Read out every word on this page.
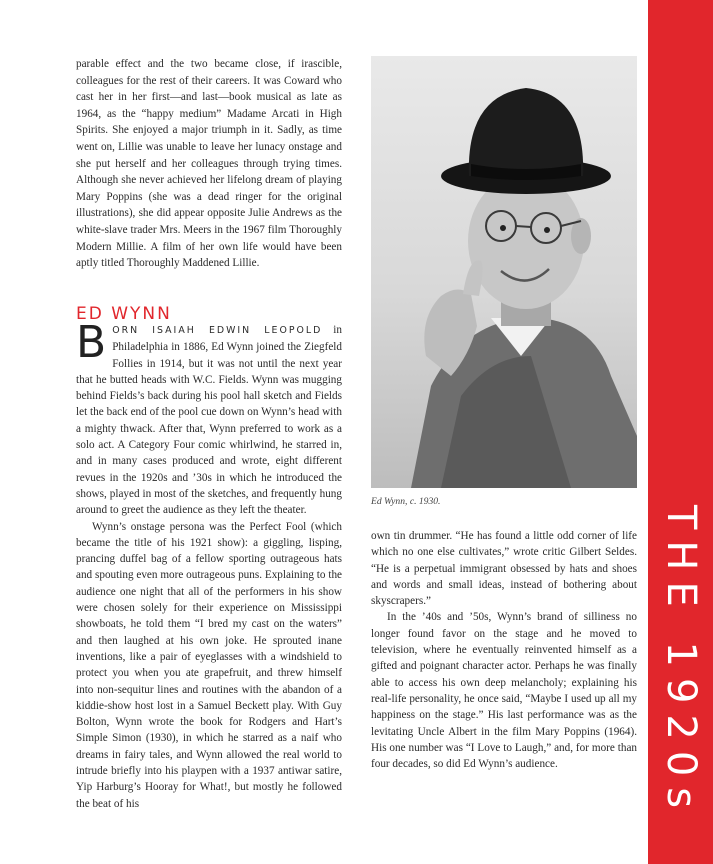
parable effect and the two became close, if irascible, colleagues for the rest of their careers. It was Coward who cast her in her first—and last—book musical as late as 1964, as the “happy medium” Madame Arcati in High Spirits. She enjoyed a major triumph in it. Sadly, as time went on, Lillie was unable to leave her lunacy onstage and she put herself and her colleagues through trying times. Although she never achieved her lifelong dream of playing Mary Poppins (she was a dead ringer for the original illustrations), she did appear opposite Julie Andrews as the white-slave trader Mrs. Meers in the 1967 film Thoroughly Modern Millie. A film of her own life would have been aptly titled Thoroughly Maddened Lillie.

ED WYNN

BORN ISAIAH EDWIN LEOPOLD in Philadelphia in 1886, Ed Wynn joined the Ziegfeld Follies in 1914, but it was not until the next year that he butted heads with W.C. Fields. Wynn was mugging behind Fields’s back during his pool hall sketch and Fields let the back end of the pool cue down on Wynn’s head with a mighty thwack. After that, Wynn preferred to work as a solo act. A Category Four comic whirlwind, he starred in, and in many cases produced and wrote, eight different revues in the 1920s and ’30s in which he introduced the shows, played in most of the sketches, and frequently hung around to greet the audience as they left the theater.

Wynn’s onstage persona was the Perfect Fool (which became the title of his 1921 show): a giggling, lisping, prancing duffel bag of a fellow sporting outrageous hats and spouting even more outrageous puns. Explaining to the audience one night that all of the performers in his show were chosen solely for their experience on Mississippi showboats, he told them “I bred my cast on the waters” and then laughed at his own joke. He sprouted inane inventions, like a pair of eyeglasses with a windshield to protect you when you ate grapefruit, and threw himself into non-sequitur lines and routines with the abandon of a kiddie-show host lost in a Samuel Beckett play. With Guy Bolton, Wynn wrote the book for Rodgers and Hart’s Simple Simon (1930), in which he starred as a naif who dreams in fairy tales, and Wynn allowed the real world to intrude briefly into his playpen with a 1937 antiwar satire, Yip Harburg’s Hooray for What!, but mostly he followed the beat of his

Ed Wynn, c. 1930.

own tin drummer. “He has found a little odd corner of life which no one else cultivates,” wrote critic Gilbert Seldes. “He is a perpetual immigrant obsessed by hats and shoes and words and small ideas, instead of bothering about skyscrapers.”

In the ’40s and ’50s, Wynn’s brand of silliness no longer found favor on the stage and he moved to television, where he eventually reinvented himself as a gifted and poignant character actor. Perhaps he was finally able to access his own deep melancholy; explaining his real-life personality, he once said, “Maybe I used up all my happiness on the stage.” His last performance was as the levitating Uncle Albert in the film Mary Poppins (1964). His one number was “I Love to Laugh,” and, for more than four decades, so did Ed Wynn’s audience.	THE 1920s
